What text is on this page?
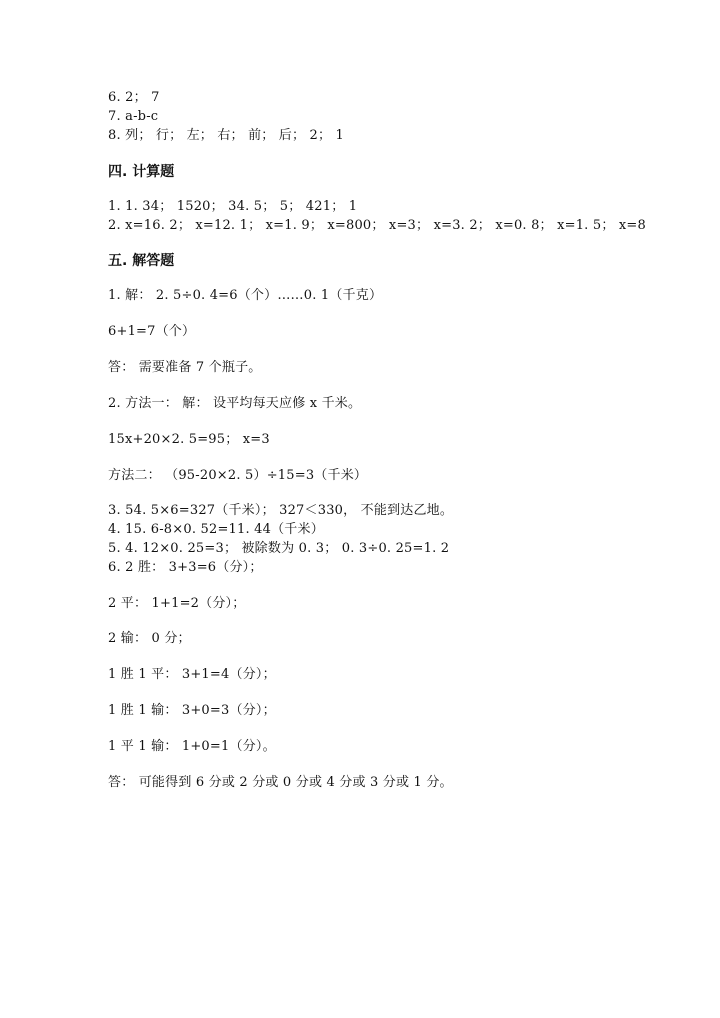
6. 2； 7
7. a-b-c
8. 列； 行； 左； 右； 前； 后； 2； 1
四. 计算题
1. 1. 34； 1520； 34. 5； 5； 421； 1
2. x=16. 2； x=12. 1； x=1. 9； x=800； x=3； x=3. 2； x=0. 8； x=1. 5； x=8
五. 解答题
1. 解： 2. 5÷0. 4=6（个）……0. 1（千克）
6+1=7（个）
答： 需要准备 7 个瓶子。
2. 方法一： 解： 设平均每天应修 x 千米。
15x+20×2. 5=95； x=3
方法二： （95-20×2. 5）÷15=3（千米）
3. 54. 5×6=327（千米）； 327＜330， 不能到达乙地。
4. 15. 6-8×0. 52=11. 44（千米）
5. 4. 12×0. 25=3； 被除数为 0. 3； 0. 3÷0. 25=1. 2
6. 2 胜： 3+3=6（分）；
2 平： 1+1=2（分）；
2 输： 0 分；
1 胜 1 平： 3+1=4（分）；
1 胜 1 输： 3+0=3（分）；
1 平 1 输： 1+0=1（分）。
答： 可能得到 6 分或 2 分或 0 分或 4 分或 3 分或 1 分。
